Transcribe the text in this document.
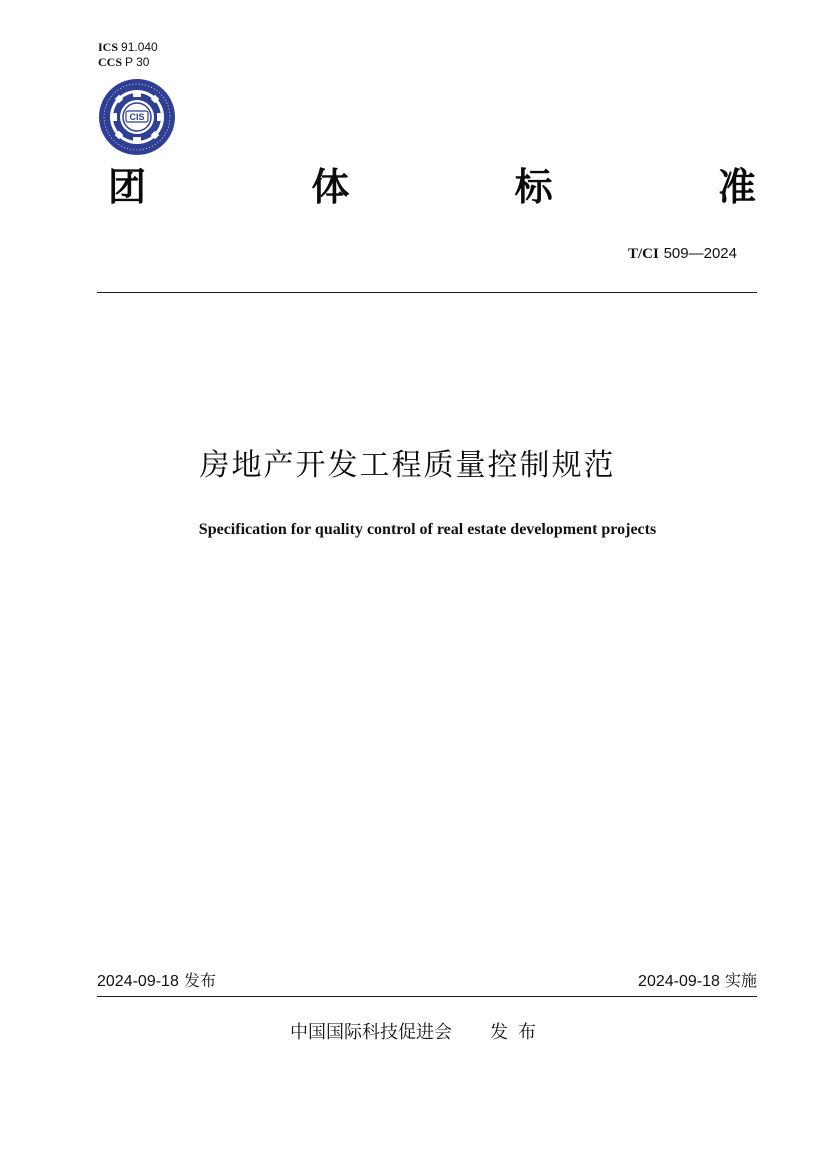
ICS 91.040
CCS P 30
CIS
团	体	标	准
T/CI 509—2024
房地产开发工程质量控制规范
Specification for quality control of real estate development projects
2024-09-18 发布	2024-09-18 实施
中国国际科技促进会 发布
